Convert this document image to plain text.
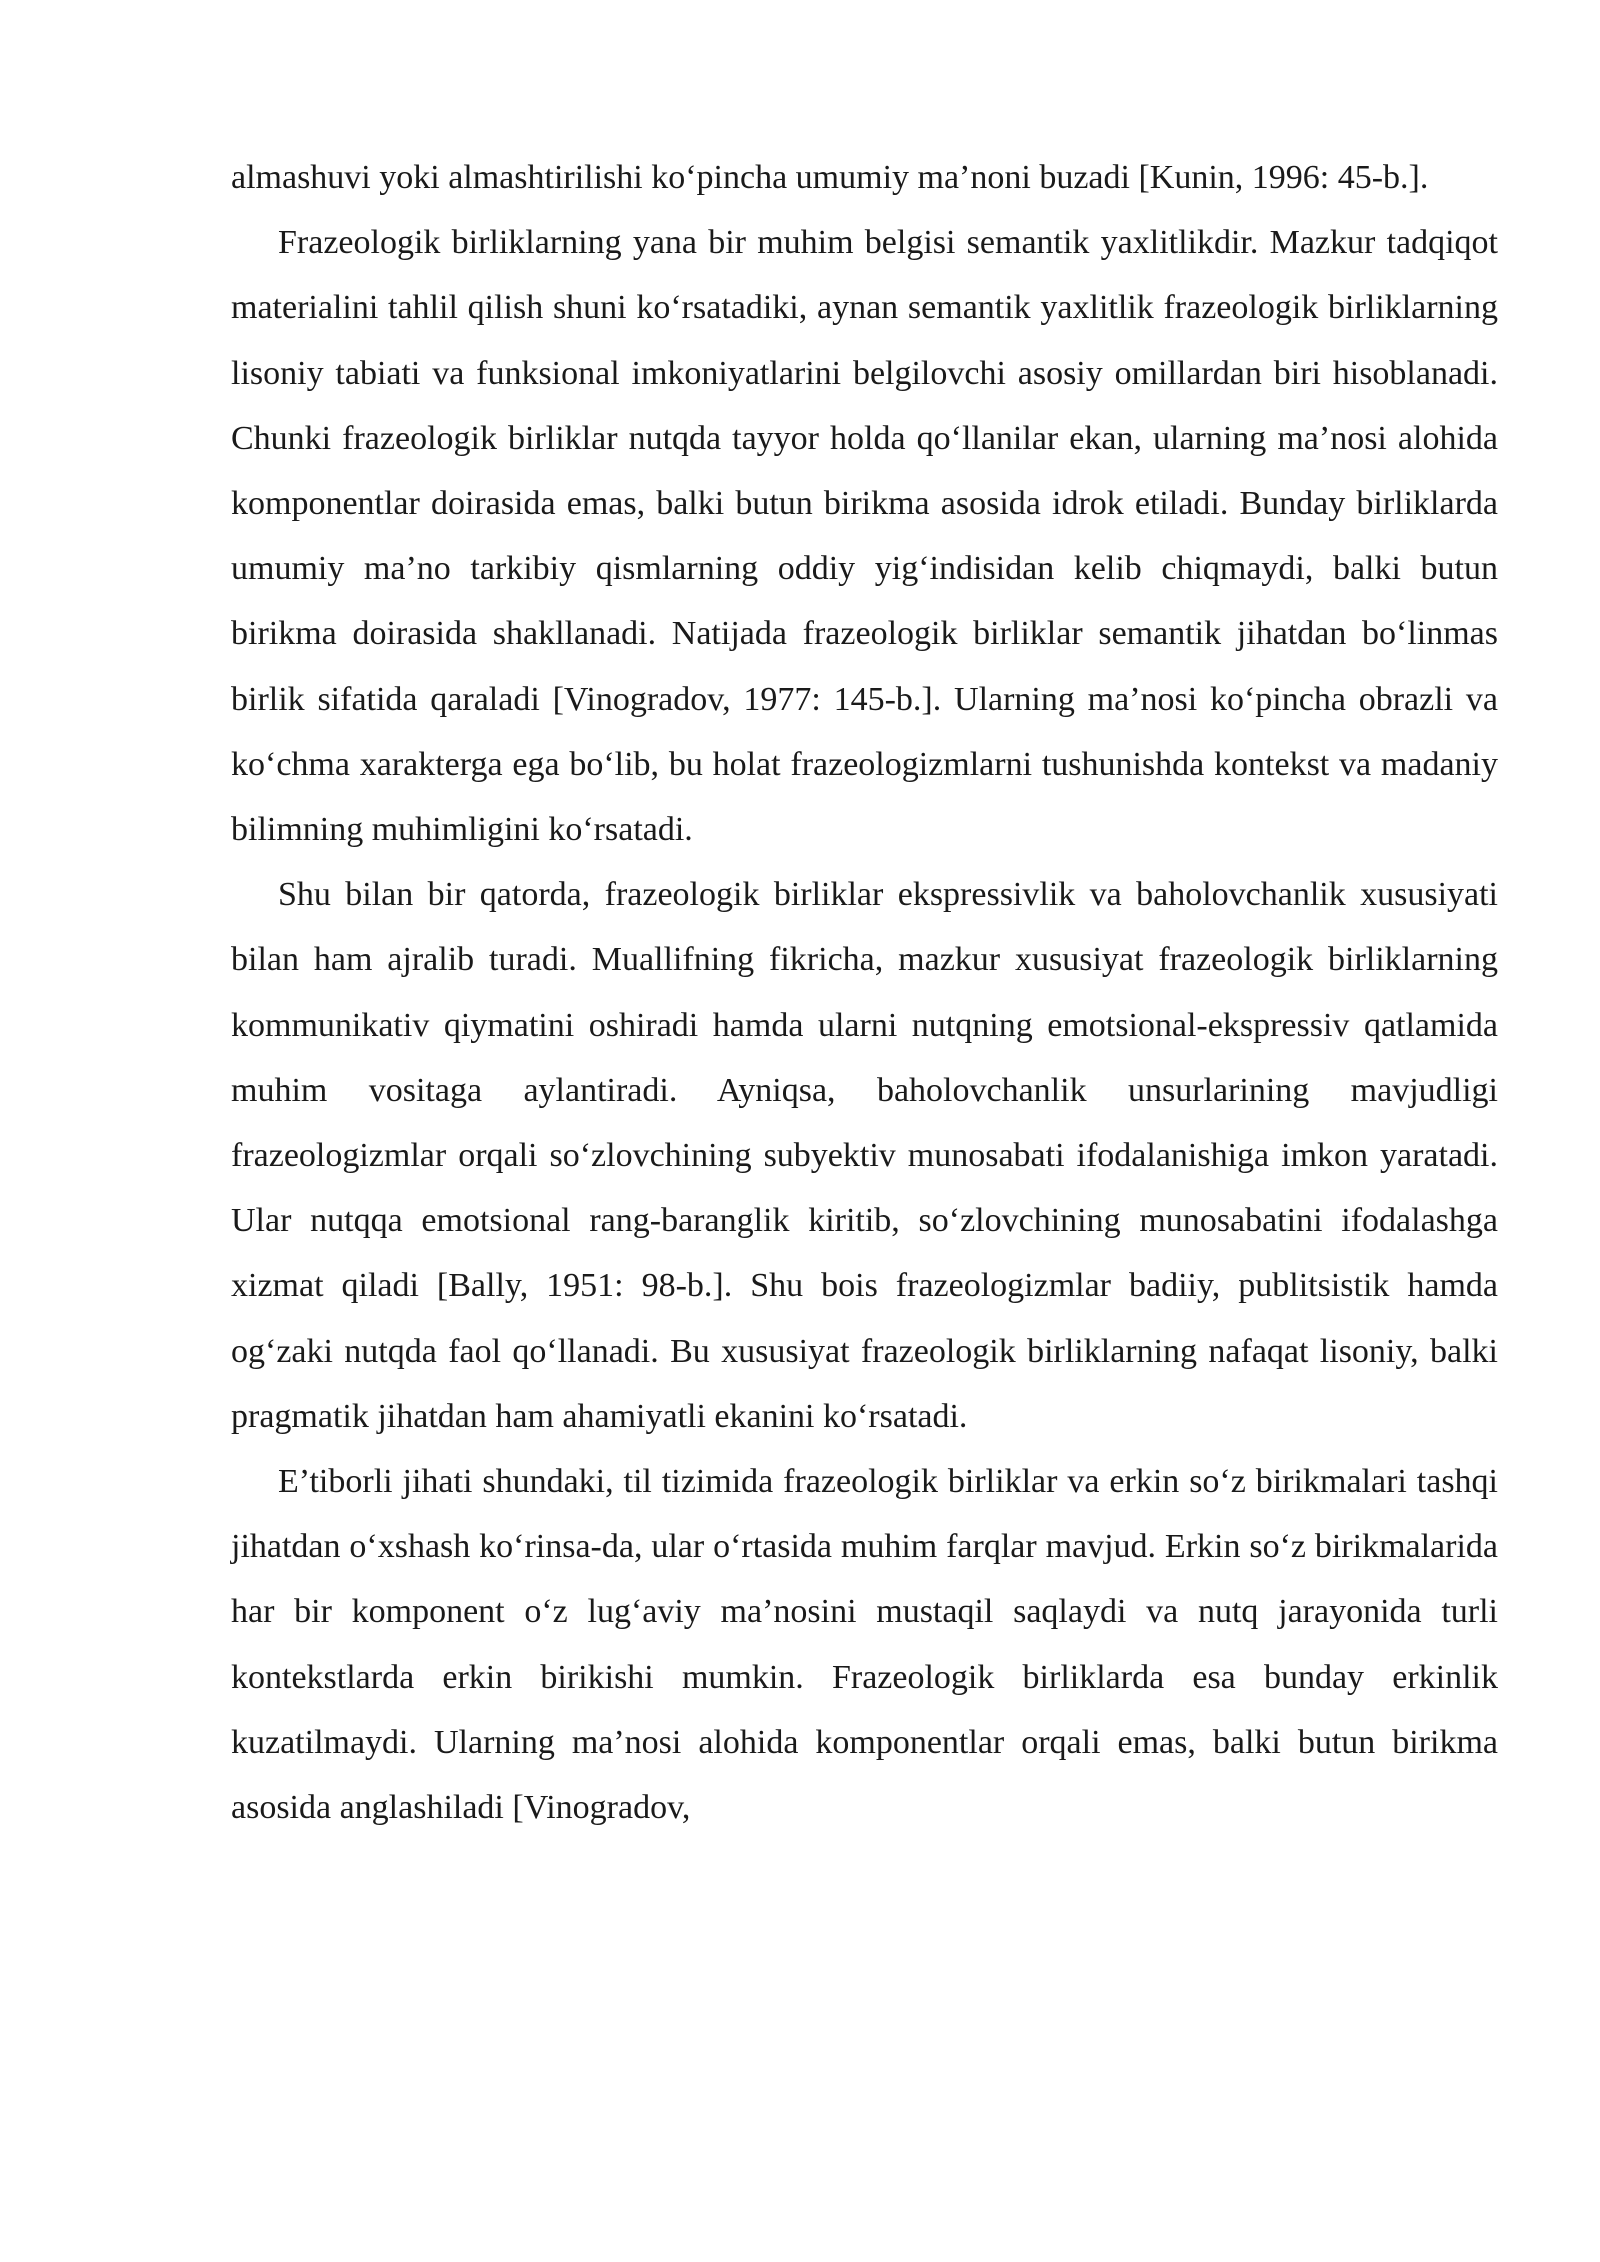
almashuvi yoki almashtirilishi ko‘pincha umumiy ma’noni buzadi [Kunin, 1996: 45-b.].

Frazeologik birliklarning yana bir muhim belgisi semantik yaxlitlikdir. Mazkur tadqiqot materialini tahlil qilish shuni ko‘rsatadiki, aynan semantik yaxlitlik frazeologik birliklarning lisoniy tabiati va funksional imkoniyatlarini belgilovchi asosiy omillardan biri hisoblanadi. Chunki frazeologik birliklar nutqda tayyor holda qo‘llanilar ekan, ularning ma’nosi alohida komponentlar doirasida emas, balki butun birikma asosida idrok etiladi. Bunday birliklarda umumiy ma’no tarkibiy qismlarning oddiy yig‘indisidan kelib chiqmaydi, balki butun birikma doirasida shakllanadi. Natijada frazeologik birliklar semantik jihatdan bo‘linmas birlik sifatida qaraladi [Vinogradov, 1977: 145-b.]. Ularning ma’nosi ko‘pincha obrazli va ko‘chma xarakterga ega bo‘lib, bu holat frazeologizmlarni tushunishda kontekst va madaniy bilimning muhimligini ko‘rsatadi.

Shu bilan bir qatorda, frazeologik birliklar ekspressivlik va baholovchanlik xususiyati bilan ham ajralib turadi. Muallifning fikricha, mazkur xususiyat frazeologik birliklarning kommunikativ qiymatini oshiradi hamda ularni nutqning emotsional-ekspressiv qatlamida muhim vositaga aylantiradi. Ayniqsa, baholovchanlik unsurlarining mavjudligi frazeologizmlar orqali so‘zlovchining subyektiv munosabati ifodalanishiga imkon yaratadi. Ular nutqqa emotsional rang-baranglik kiritib, so‘zlovchining munosabatini ifodalashga xizmat qiladi [Bally, 1951: 98-b.]. Shu bois frazeologizmlar badiiy, publitsistik hamda og‘zaki nutqda faol qo‘llanadi. Bu xususiyat frazeologik birliklarning nafaqat lisoniy, balki pragmatik jihatdan ham ahamiyatli ekanini ko‘rsatadi.

E’tiborli jihati shundaki, til tizimida frazeologik birliklar va erkin so‘z birikmalari tashqi jihatdan o‘xshash ko‘rinsa-da, ular o‘rtasida muhim farqlar mavjud. Erkin so‘z birikmalarida har bir komponent o‘z lug‘aviy ma’nosini mustaqil saqlaydi va nutq jarayonida turli kontekstlarda erkin birikishi mumkin. Frazeologik birliklarda esa bunday erkinlik kuzatilmaydi. Ularning ma’nosi alohida komponentlar orqali emas, balki butun birikma asosida anglashiladi [Vinogradov,
